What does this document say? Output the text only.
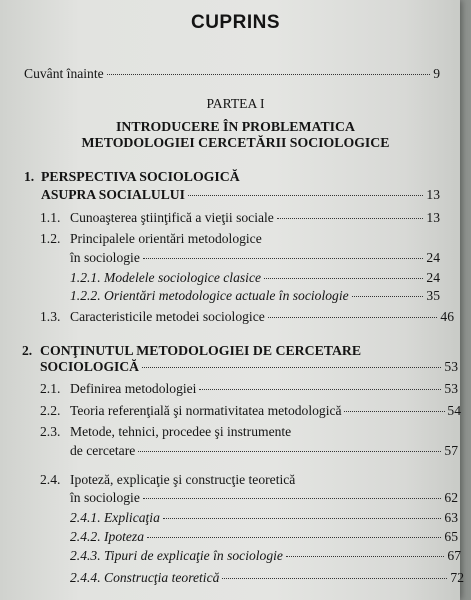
CUPRINS
Cuvânt înainte	9
PARTEA I
INTRODUCERE ÎN PROBLEMATICA
METODOLOGIEI CERCETĂRII SOCIOLOGICE
1. PERSPECTIVA SOCIOLOGICĂ
ASUPRA SOCIALULUI	13
1.1. Cunoaşterea ştiinţifică a vieţii sociale	13
1.2. Principalele orientări metodologice
în sociologie	24
1.2.1. Modelele sociologice clasice	24
1.2.2. Orientări metodologice actuale în sociologie	35
1.3. Caracteristicile metodei sociologice	46
2. CONŢINUTUL METODOLOGIEI DE CERCETARE
SOCIOLOGICĂ	53
2.1. Definirea metodologiei	53
2.2. Teoria referenţială şi normativitatea metodologică	54
2.3. Metode, tehnici, procedee şi instrumente
de cercetare	57
2.4. Ipoteză, explicaţie şi construcţie teoretică
în sociologie	62
2.4.1. Explicaţia	63
2.4.2. Ipoteza	65
2.4.3. Tipuri de explicaţie în sociologie	67
2.4.4. Construcţia teoretică	72
